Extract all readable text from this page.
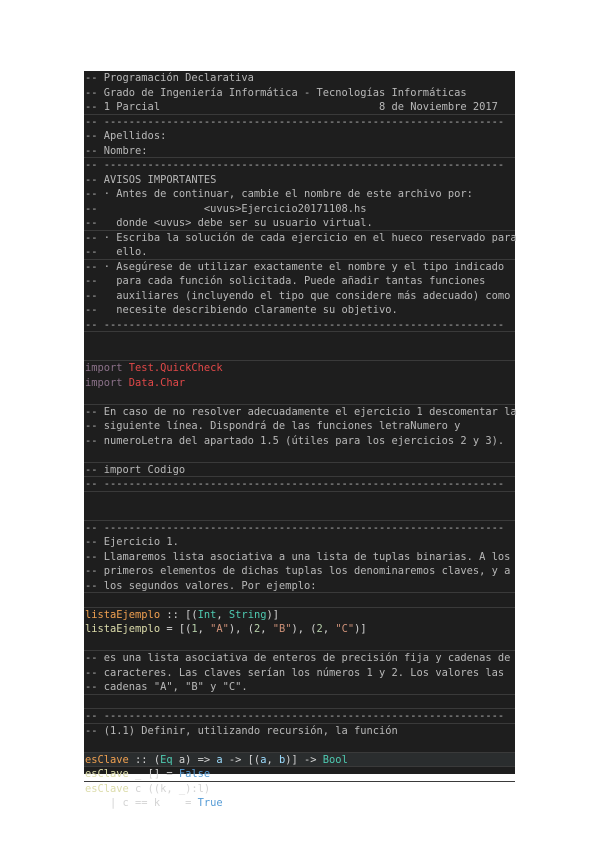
-- Programación Declarativa
-- Grado de Ingeniería Informática - Tecnologías Informáticas
-- 1 Parcial                                   8 de Noviembre 2017
-- ----------------------------------------------------------------
-- Apellidos:
-- Nombre:
-- ----------------------------------------------------------------
-- AVISOS IMPORTANTES
-- · Antes de continuar, cambie el nombre de este archivo por:
--                 <uvus>Ejercicio20171108.hs
--   donde <uvus> debe ser su usuario virtual.
-- · Escriba la solución de cada ejercicio en el hueco reservado para
--   ello.
-- · Asegúrese de utilizar exactamente el nombre y el tipo indicado
--   para cada función solicitada. Puede añadir tantas funciones
--   auxiliares (incluyendo el tipo que considere más adecuado) como
--   necesite describiendo claramente su objetivo.
-- ----------------------------------------------------------------

import Test.QuickCheck
import Data.Char

-- En caso de no resolver adecuadamente el ejercicio 1 descomentar la
-- siguiente línea. Dispondrá de las funciones letraNumero y
-- numeroLetra del apartado 1.5 (útiles para los ejercicios 2 y 3).

-- import Codigo
-- ----------------------------------------------------------------

-- ----------------------------------------------------------------
-- Ejercicio 1.
-- Llamaremos lista asociativa a una lista de tuplas binarias. A los
-- primeros elementos de dichas tuplas los denominaremos claves, y a
-- los segundos valores. Por ejemplo:

listaEjemplo :: [(Int, String)]
listaEjemplo = [(1, "A"), (2, "B"), (2, "C")]

-- es una lista asociativa de enteros de precisión fija y cadenas de
-- caracteres. Las claves serían los números 1 y 2. Los valores las
-- cadenas "A", "B" y "C".

-- ----------------------------------------------------------------
-- (1.1) Definir, utilizando recursión, la función

esClave :: (Eq a) => a -> [(a, b)] -> Bool
esClave _ [] = False
esClave c ((k, _):l)
| c == k    = True
